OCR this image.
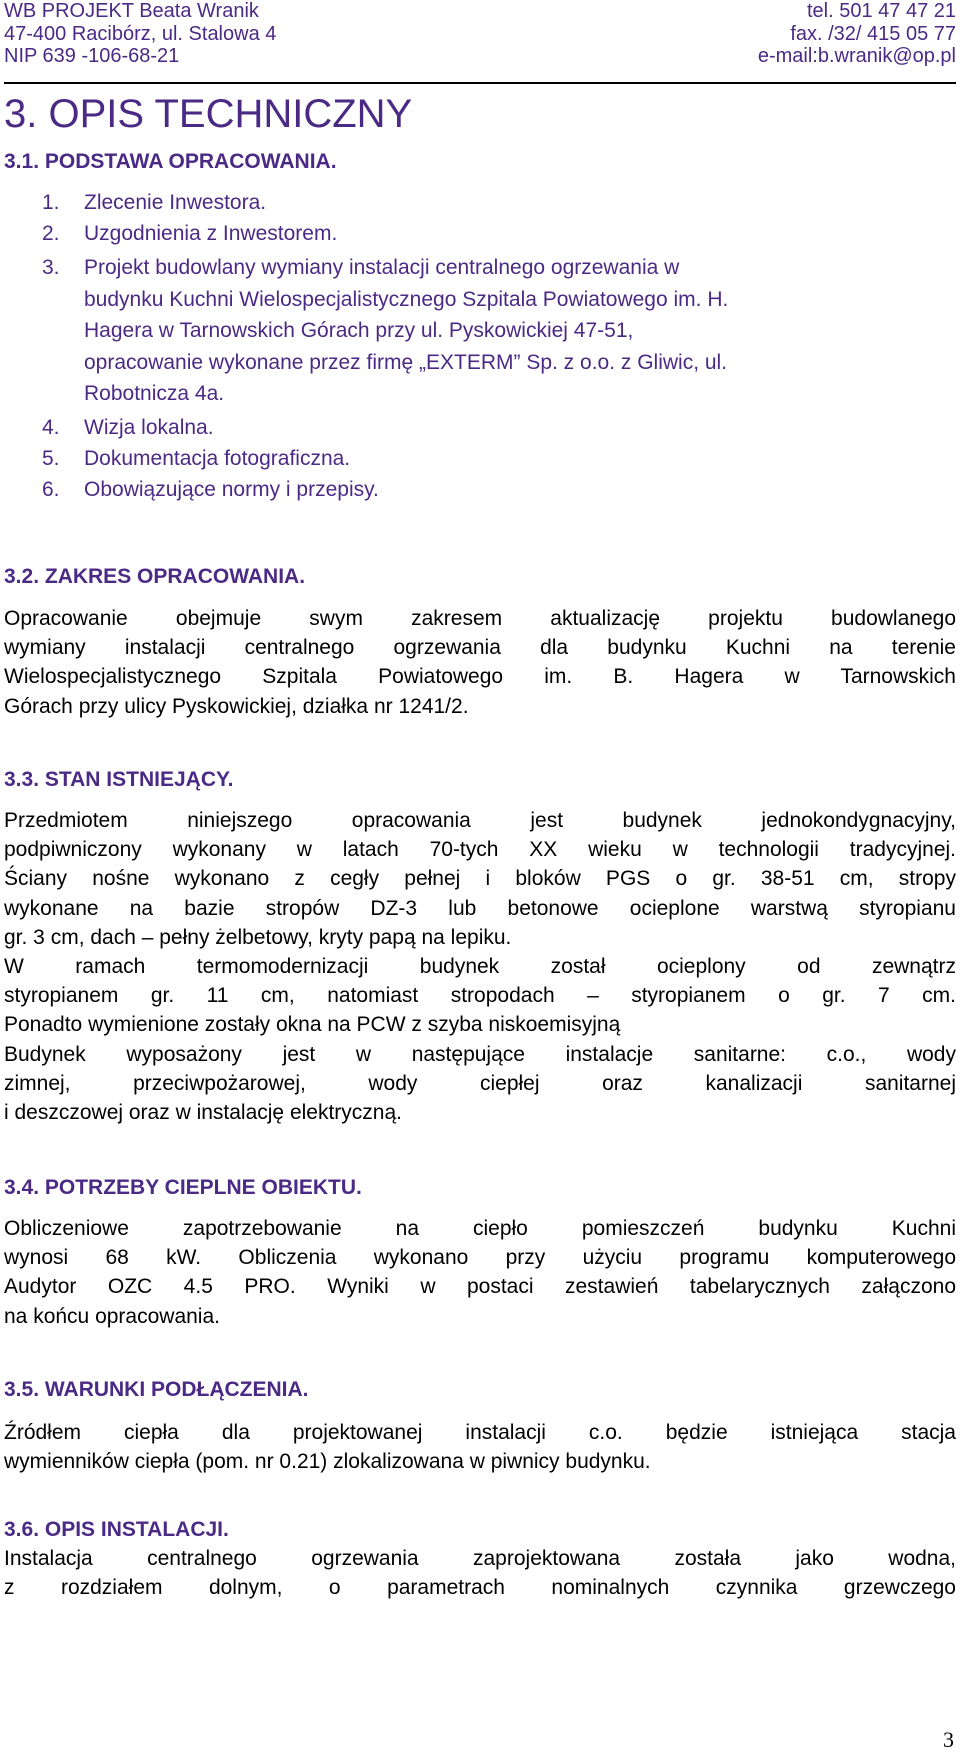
WB PROJEKT Beata Wranik
47-400 Racibórz, ul. Stalowa 4
NIP 639 -106-68-21
tel. 501 47 47 21
fax. /32/ 415 05 77
e-mail:b.wranik@op.pl
3. OPIS TECHNICZNY
3.1. PODSTAWA OPRACOWANIA.
1. Zlecenie Inwestora.
2. Uzgodnienia z Inwestorem.
3. Projekt budowlany wymiany instalacji centralnego ogrzewania w
budynku Kuchni Wielospecjalistycznego Szpitala Powiatowego im. H.
Hagera w Tarnowskich Górach przy ul. Pyskowickiej 47-51,
opracowanie wykonane przez firmę „EXTERM” Sp. z o.o. z Gliwic, ul.
Robotnicza 4a.
4. Wizja lokalna.
5. Dokumentacja fotograficzna.
6. Obowiązujące normy i przepisy.
3.2. ZAKRES OPRACOWANIA.
Opracowanie obejmuje swym zakresem aktualizację projektu budowlanego
wymiany instalacji centralnego ogrzewania dla budynku Kuchni na terenie
Wielospecjalistycznego Szpitala Powiatowego im. B. Hagera w Tarnowskich
Górach przy ulicy Pyskowickiej, działka nr 1241/2.
3.3. STAN ISTNIEJĄCY.
Przedmiotem niniejszego opracowania jest budynek jednokondygnacyjny,
podpiwniczony wykonany w latach 70-tych XX wieku w technologii tradycyjnej.
Ściany nośne wykonano z cegły pełnej i bloków PGS o gr. 38-51 cm, stropy
wykonane na bazie stropów DZ-3 lub betonowe ocieplone warstwą styropianu
gr. 3 cm, dach – pełny żelbetowy, kryty papą na lepiku.
W ramach termomodernizacji budynek został ocieplony od zewnątrz
styropianem gr. 11 cm, natomiast stropodach – styropianem o gr. 7 cm.
Ponadto wymienione zostały okna na PCW z szyba niskoemisyjną
Budynek wyposażony jest w następujące instalacje sanitarne: c.o., wody
zimnej, przeciwpożarowej, wody ciepłej oraz kanalizacji sanitarnej
i deszczowej oraz w instalację elektryczną.
3.4. POTRZEBY CIEPLNE OBIEKTU.
Obliczeniowe zapotrzebowanie na ciepło pomieszczeń budynku Kuchni
wynosi 68 kW. Obliczenia wykonano przy użyciu programu komputerowego
Audytor OZC 4.5 PRO. Wyniki w postaci zestawień tabelarycznych załączono
na końcu opracowania.
3.5. WARUNKI PODŁĄCZENIA.
Źródłem ciepła dla projektowanej instalacji c.o. będzie istniejąca stacja
wymienników ciepła (pom. nr 0.21) zlokalizowana w piwnicy budynku.
3.6. OPIS INSTALACJI.
Instalacja centralnego ogrzewania zaprojektowana została jako wodna,
z rozdziałem dolnym, o parametrach nominalnych czynnika grzewczego
3
